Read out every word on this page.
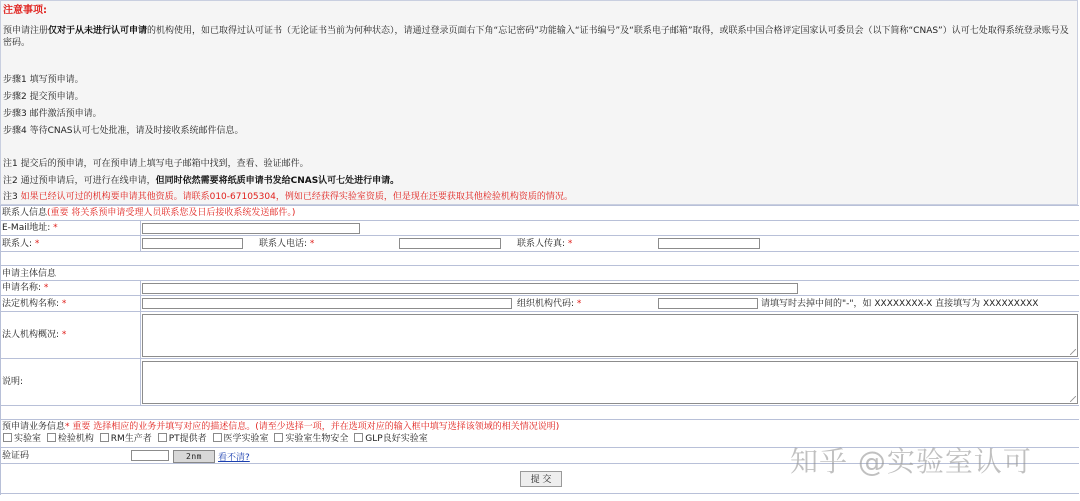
注意事项:
预申请注册仅对于从未进行认可申请的机构使用，如已取得过认可证书（无论证书当前为何种状态），请通过登录页面右下角“忘记密码”功能输入“证书编号”及“联系电子邮箱”取得，或联系中国合格评定国家认可委员会（以下简称“CNAS”）认可七处取得系统登录账号及密码。
步骤1 填写预申请。
步骤2 提交预申请。
步骤3 邮件激活预申请。
步骤4 等待CNAS认可七处批准，请及时接收系统邮件信息。
注1 提交后的预申请，可在预申请上填写电子邮箱中找到，查看、验证邮件。
注2 通过预申请后，可进行在线申请，但同时依然需要将纸质申请书发给CNAS认可七处进行申请。
注3 如果已经认可过的机构要申请其他资质。请联系010-67105304，例如已经获得实验室资质，但是现在还要获取其他检验机构资质的情况。
联系人信息(重要 将关系预申请受理人员联系您及日后接收系统发送邮件。)
E-Mail地址: *
联系人: *	联系人电话: *	联系人传真: *
申请主体信息
申请名称: *
法定机构名称: *	组织机构代码: *	请填写时去掉中间的"-"，如 XXXXXXXX-X 直接填写为 XXXXXXXXX
法人机构概况: *
说明:
预申请业务信息* 重要 选择相应的业务并填写对应的描述信息。(请至少选择一项，并在选项对应的输入框中填写选择该领域的相关情况说明)
实验室 检验机构 RM生产者 PT提供者 医学实验室 实验室生物安全 GLP良好实验室
验证码	2nm	看不清?
提 交
知乎 @实验室认可
